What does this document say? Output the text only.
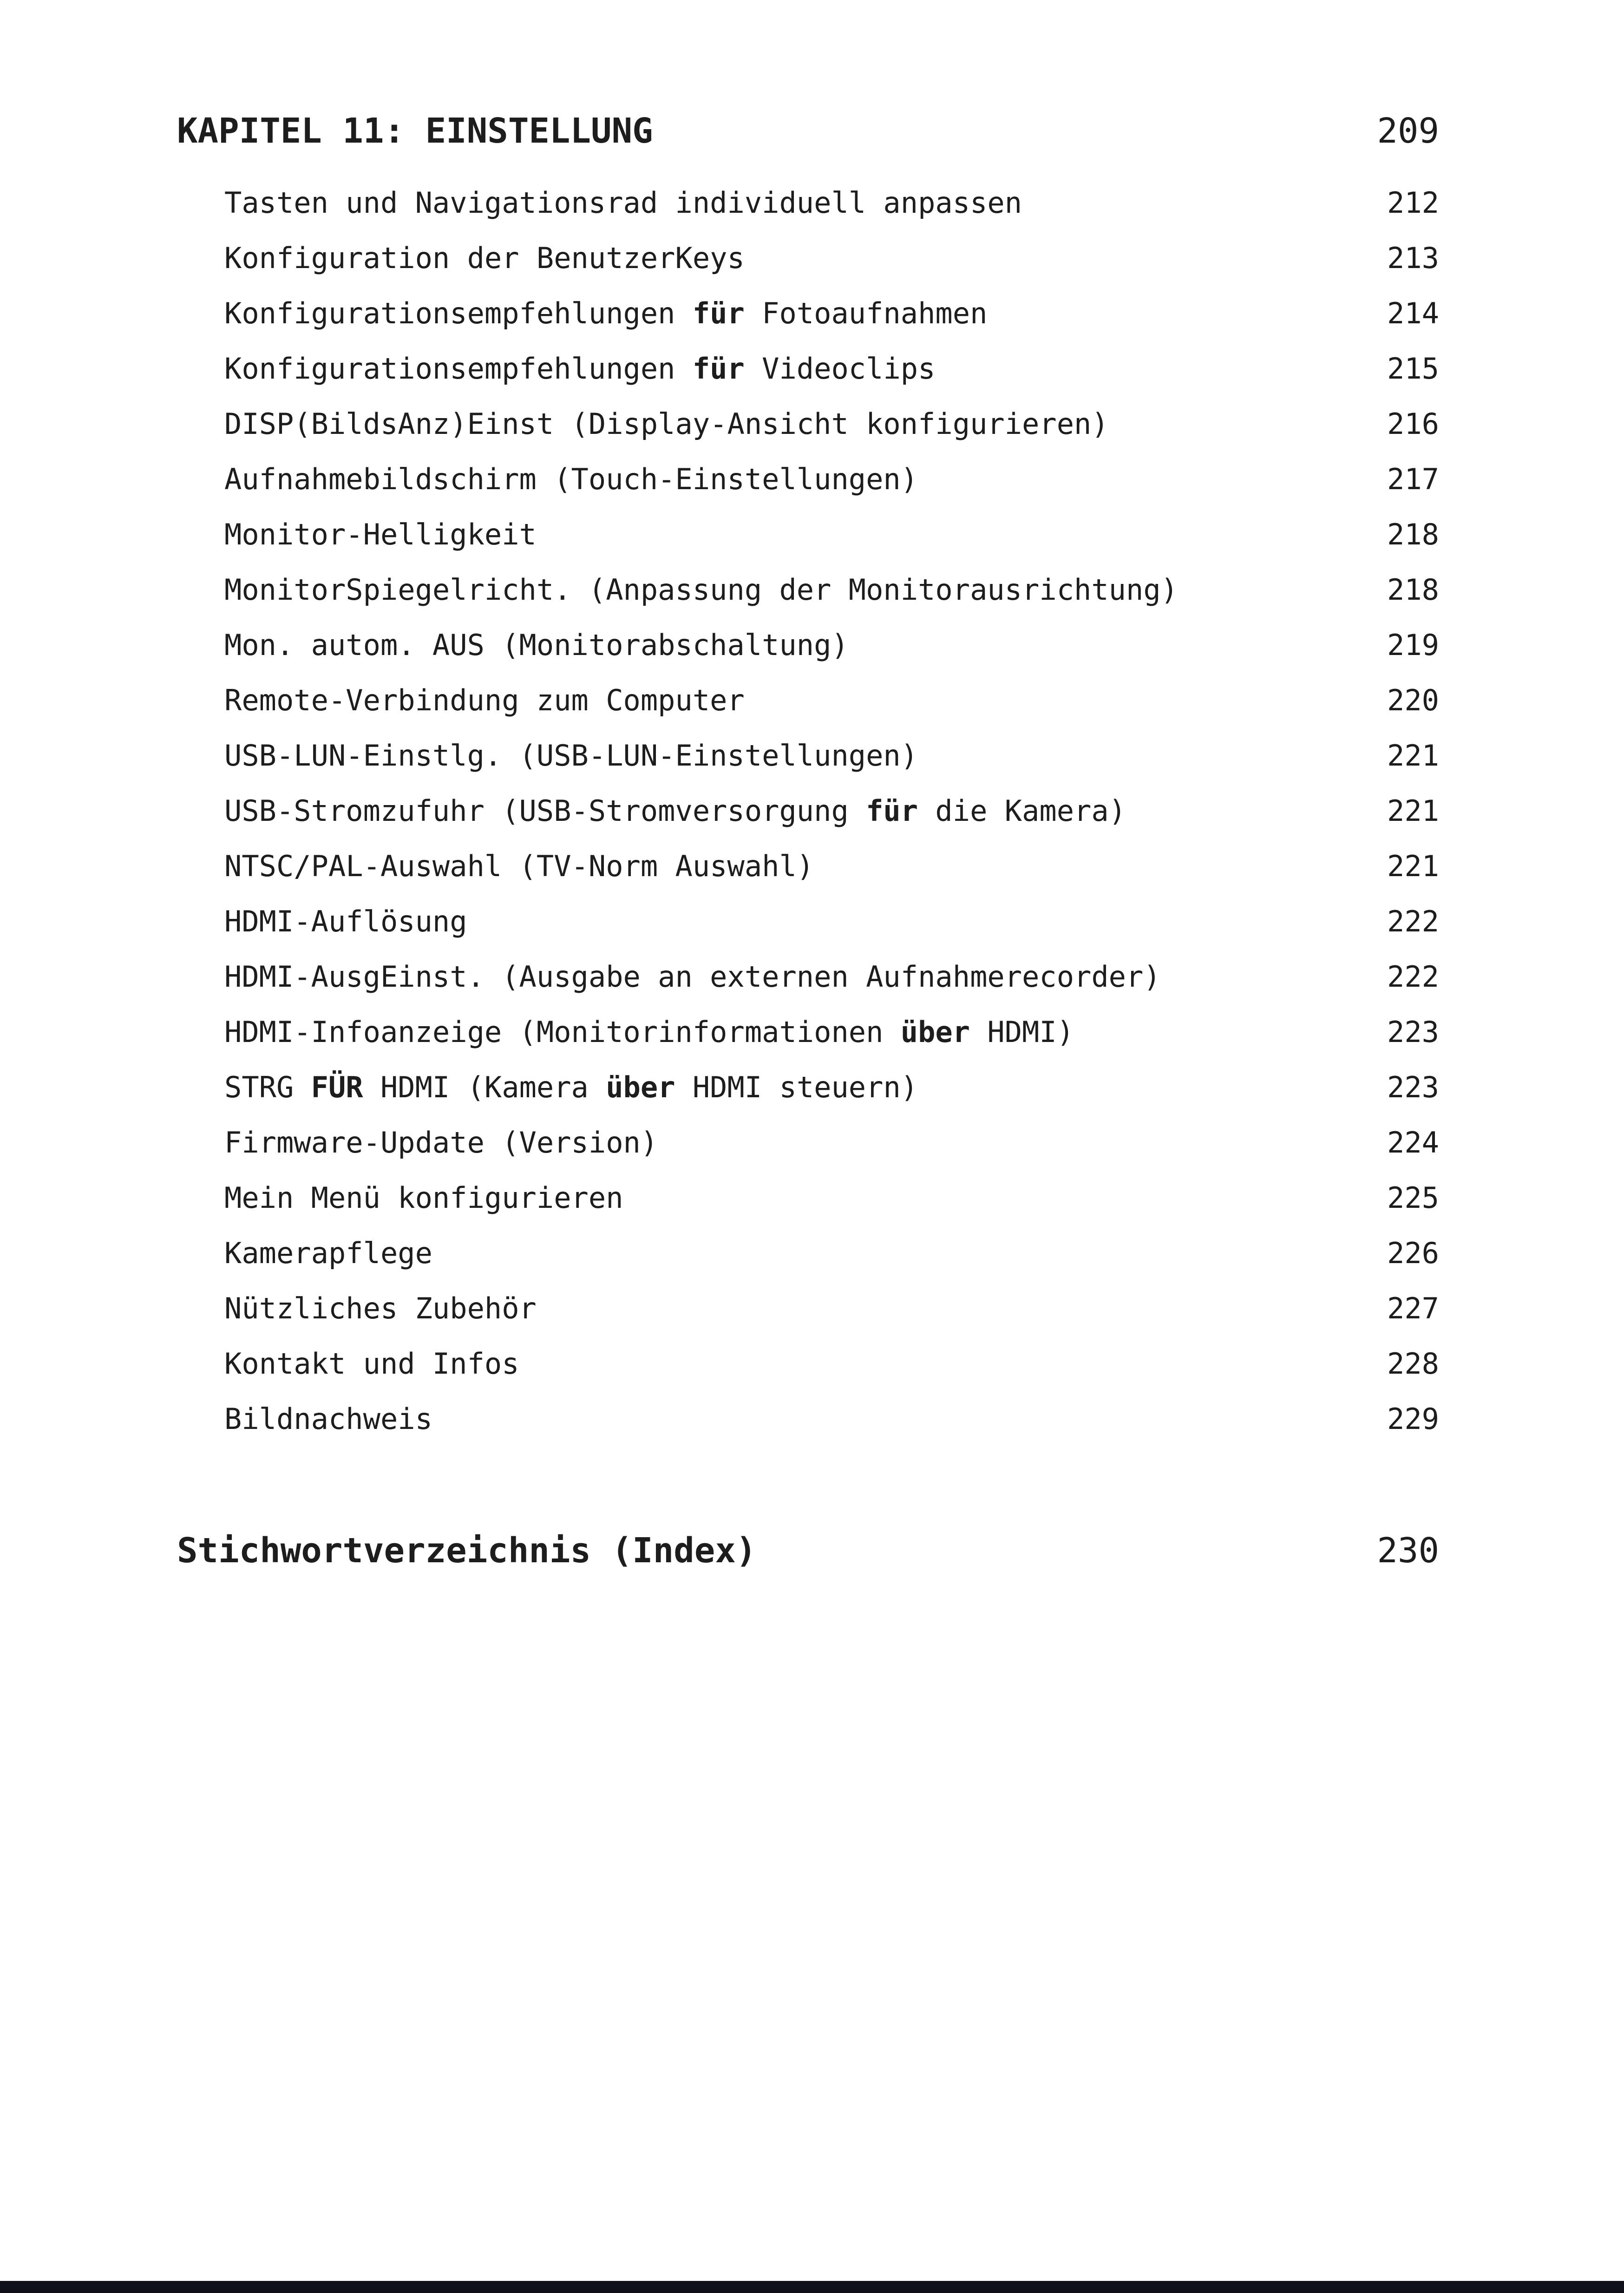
KAPITEL 11: EINSTELLUNG	209
Tasten und Navigationsrad individuell anpassen	212
Konfiguration der BenutzerKeys	213
Konfigurationsempfehlungen für Fotoaufnahmen	214
Konfigurationsempfehlungen für Videoclips	215
DISP(BildsAnz)Einst (Display-Ansicht konfigurieren)	216
Aufnahmebildschirm (Touch-Einstellungen)	217
Monitor-Helligkeit	218
MonitorSpiegelricht. (Anpassung der Monitorausrichtung)	218
Mon. autom. AUS (Monitorabschaltung)	219
Remote-Verbindung zum Computer	220
USB-LUN-Einstlg. (USB-LUN-Einstellungen)	221
USB-Stromzufuhr (USB-Stromversorgung für die Kamera)	221
NTSC/PAL-Auswahl (TV-Norm Auswahl)	221
HDMI-Auflösung	222
HDMI-AusgEinst. (Ausgabe an externen Aufnahmerecorder)	222
HDMI-Infoanzeige (Monitorinformationen über HDMI)	223
STRG FÜR HDMI (Kamera über HDMI steuern)	223
Firmware-Update (Version)	224
Mein Menü konfigurieren	225
Kamerapflege	226
Nützliches Zubehör	227
Kontakt und Infos	228
Bildnachweis	229
Stichwortverzeichnis (Index)	230
